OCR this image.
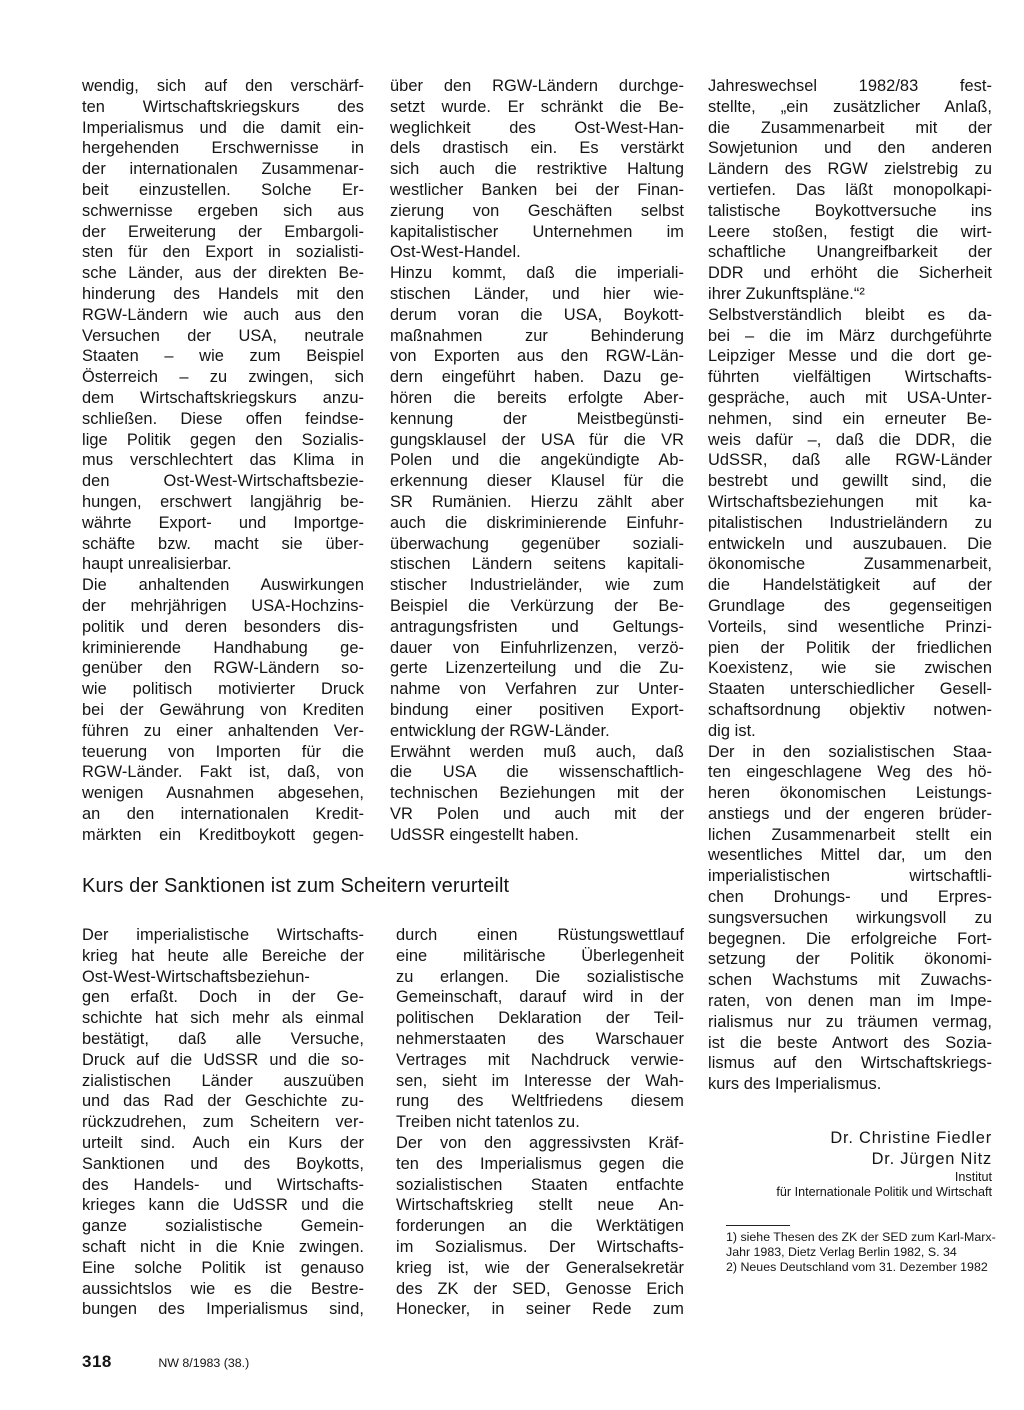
wendig, sich auf den verschärf-
ten Wirtschaftskriegskurs des
Imperialismus und die damit ein-
hergehenden Erschwernisse in
der internationalen Zusammenar-
beit einzustellen. Solche Er-
schwernisse ergeben sich aus
der Erweiterung der Embargoli-
sten für den Export in sozialisti-
sche Länder, aus der direkten Be-
hinderung des Handels mit den
RGW-Ländern wie auch aus den
Versuchen der USA, neutrale
Staaten – wie zum Beispiel
Österreich – zu zwingen, sich
dem Wirtschaftskriegskurs anzu-
schließen. Diese offen feindse-
lige Politik gegen den Sozialis-
mus verschlechtert das Klima in
den Ost-West-Wirtschaftsbezie-
hungen, erschwert langjährig be-
währte Export- und Importge-
schäfte bzw. macht sie über-
haupt unrealisierbar.

Die anhaltenden Auswirkungen
der mehrjährigen USA-Hochzins-
politik und deren besonders dis-
kriminierende Handhabung ge-
genüber den RGW-Ländern so-
wie politisch motivierter Druck
bei der Gewährung von Krediten
führen zu einer anhaltenden Ver-
teuerung von Importen für die
RGW-Länder. Fakt ist, daß, von
wenigen Ausnahmen abgesehen,
an den internationalen Kredit-
märkten ein Kreditboykott gegen-

über den RGW-Ländern durchge-
setzt wurde. Er schränkt die Be-
weglichkeit des Ost-West-Han-
dels drastisch ein. Es verstärkt
sich auch die restriktive Haltung
westlicher Banken bei der Finan-
zierung von Geschäften selbst
kapitalistischer Unternehmen im
Ost-West-Handel.

Hinzu kommt, daß die imperiali-
stischen Länder, und hier wie-
derum voran die USA, Boykott-
maßnahmen zur Behinderung
von Exporten aus den RGW-Län-
dern eingeführt haben. Dazu ge-
hören die bereits erfolgte Aber-
kennung der Meistbegünsti-
gungsklausel der USA für die VR
Polen und die angekündigte Ab-
erkennung dieser Klausel für die
SR Rumänien. Hierzu zählt aber
auch die diskriminierende Einfuhr-
überwachung gegenüber soziali-
stischen Ländern seitens kapitali-
stischer Industrieländer, wie zum
Beispiel die Verkürzung der Be-
antragungsfristen und Geltungs-
dauer von Einfuhrlizenzen, verzö-
gerte Lizenzerteilung und die Zu-
nahme von Verfahren zur Unter-
bindung einer positiven Export-
entwicklung der RGW-Länder.

Erwähnt werden muß auch, daß
die USA die wissenschaftlich-
technischen Beziehungen mit der
VR Polen und auch mit der
UdSSR eingestellt haben.

Jahreswechsel 1982/83 fest-
stellte, „ein zusätzlicher Anlaß,
die Zusammenarbeit mit der
Sowjetunion und den anderen
Ländern des RGW zielstrebig zu
vertiefen. Das läßt monopolkapi-
talistische Boykottversuche ins
Leere stoßen, festigt die wirt-
schaftliche Unangreifbarkeit der
DDR und erhöht die Sicherheit
ihrer Zukunftspläne.“²

Selbstverständlich bleibt es da-
bei – die im März durchgeführte
Leipziger Messe und die dort ge-
führten vielfältigen Wirtschafts-
gespräche, auch mit USA-Unter-
nehmen, sind ein erneuter Be-
weis dafür –, daß die DDR, die
UdSSR, daß alle RGW-Länder
bestrebt und gewillt sind, die
Wirtschaftsbeziehungen mit ka-
pitalistischen Industrieländern zu
entwickeln und auszubauen. Die
ökonomische Zusammenarbeit,
die Handelstätigkeit auf der
Grundlage des gegenseitigen
Vorteils, sind wesentliche Prinzi-
pien der Politik der friedlichen
Koexistenz, wie sie zwischen
Staaten unterschiedlicher Gesell-
schaftsordnung objektiv notwen-
dig ist.

Der in den sozialistischen Staa-
ten eingeschlagene Weg des hö-
heren ökonomischen Leistungs-
anstiegs und der engeren brüder-
lichen Zusammenarbeit stellt ein
wesentliches Mittel dar, um den
imperialistischen wirtschaftli-
chen Drohungs- und Erpres-
sungsversuchen wirkungsvoll zu
begegnen. Die erfolgreiche Fort-
setzung der Politik ökonomi-
schen Wachstums mit Zuwachs-
raten, von denen man im Impe-
rialismus nur zu träumen vermag,
ist die beste Antwort des Sozia-
lismus auf den Wirtschaftskriegs-
kurs des Imperialismus.

Kurs der Sanktionen ist zum Scheitern verurteilt

Der imperialistische Wirtschafts-
krieg hat heute alle Bereiche der
Ost-West-Wirtschaftsbeziehun-
gen erfaßt. Doch in der Ge-
schichte hat sich mehr als einmal
bestätigt, daß alle Versuche,
Druck auf die UdSSR und die so-
zialistischen Länder auszuüben
und das Rad der Geschichte zu-
rückzudrehen, zum Scheitern ver-
urteilt sind. Auch ein Kurs der
Sanktionen und des Boykotts,
des Handels- und Wirtschafts-
krieges kann die UdSSR und die
ganze sozialistische Gemein-
schaft nicht in die Knie zwingen.
Eine solche Politik ist genauso
aussichtslos wie es die Bestre-
bungen des Imperialismus sind,

durch einen Rüstungswettlauf
eine militärische Überlegenheit
zu erlangen. Die sozialistische
Gemeinschaft, darauf wird in der
politischen Deklaration der Teil-
nehmerstaaten des Warschauer
Vertrages mit Nachdruck verwie-
sen, sieht im Interesse der Wah-
rung des Weltfriedens diesem
Treiben nicht tatenlos zu.

Der von den aggressivsten Kräf-
ten des Imperialismus gegen die
sozialistischen Staaten entfachte
Wirtschaftskrieg stellt neue An-
forderungen an die Werktätigen
im Sozialismus. Der Wirtschafts-
krieg ist, wie der Generalsekretär
des ZK der SED, Genosse Erich
Honecker, in seiner Rede zum

Dr. Christine Fiedler
Dr. Jürgen Nitz
Institut
für Internationale Politik und Wirtschaft

1) siehe Thesen des ZK der SED zum Karl-Marx-Jahr 1983, Dietz Verlag Berlin 1982, S. 34

2) Neues Deutschland vom 31. Dezember 1982

318	NW 8/1983 (38.)
